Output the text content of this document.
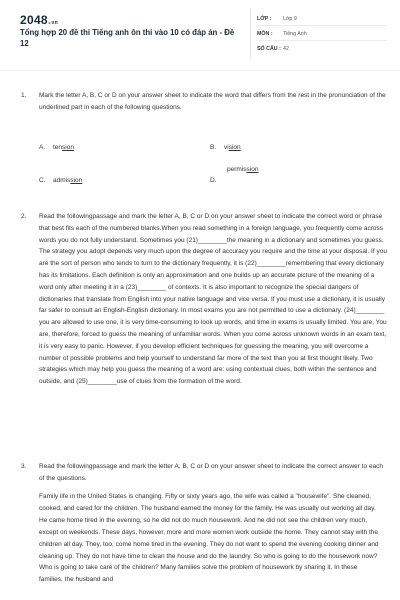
2048.vn
Tổng hợp 20 đề thi Tiếng anh ôn thi vào 10 có đáp án - Đề 12
LỚP : Lớp 9
MÔN : Tiếng Anh
SỐ CÂU : 42
1. Mark the letter A, B, C or D on your answer sheet to indicate the word that differs from the rest in the pronunciation of the underlined part in each of the following questions.

A. tension	B. vision
permission
C. admission	D.
2. Read the followingpassage and mark the letter A, B, C or D on your answer sheet to indicate the correct word or phrase that best fits each of the numbered blanks.When you read something in a foreign language, you frequently come across words you do not fully understand. Sometimes you (21)________the meaning in a dictionary and sometimes you guess. The strategy you adopt depends very much upon the degree of accuracy you require and the time at your disposal. If you are the sort of person who tends to turn to the dictionary frequently, it is (22)________remembering that every dictionary has its limitations. Each definition is only an approximation and one builds up an accurate picture of the meaning of a word only after meeting it in a (23)________ of contexts. It is also important to recognize the special dangers of dictionaries that translate from English into your native language and vice versa. If you must use a dictionary, it is usually far safer to consult an English-English dictionary. In most exams you are not permitted to use a dictionary. (24)________ you are allowed to use one, it is very time-consuming to look up words, and time in exams is usually limited. You are, You are, therefore, forced to guess the meaning of unfamiliar words. When you come across unknown words in an exam text, it is very easy to panic. However, if you develop efficient techniques for guessing the meaning, you will overcome a number of possible problems and help yourself to understand far more of the text than you at first thought likely. Two strategies which may help you guess the meaning of a word are: using contextual clues, both within the sentence and outside, and (25)________use of clues from the formation of the word.

3. Read the followingpassage and mark the letter A, B, C or D on your answer sheet to indicate the correct answer to each of the questions.

Family life in the United States is changing. Fifty or sixty years ago, the wife was called a "housewife". She cleaned, cooked, and cared for the children. The husband earned the money for the family. He was usually out working all day. He came home tired in the evening, so he did not do much housework. And he did not see the children very much, except on weekends. These days, however, more and more women work outside the home. They cannot stay with the children all day. They, too, come home tired in the evening. They do not want to spend the evening cooking dinner and cleaning up. They do not have time to clean the house and do the laundry. So who is going to do the housework now? Who is going to take care of the children? Many families solve the problem of housework by sharing it. In these families, the husband and
